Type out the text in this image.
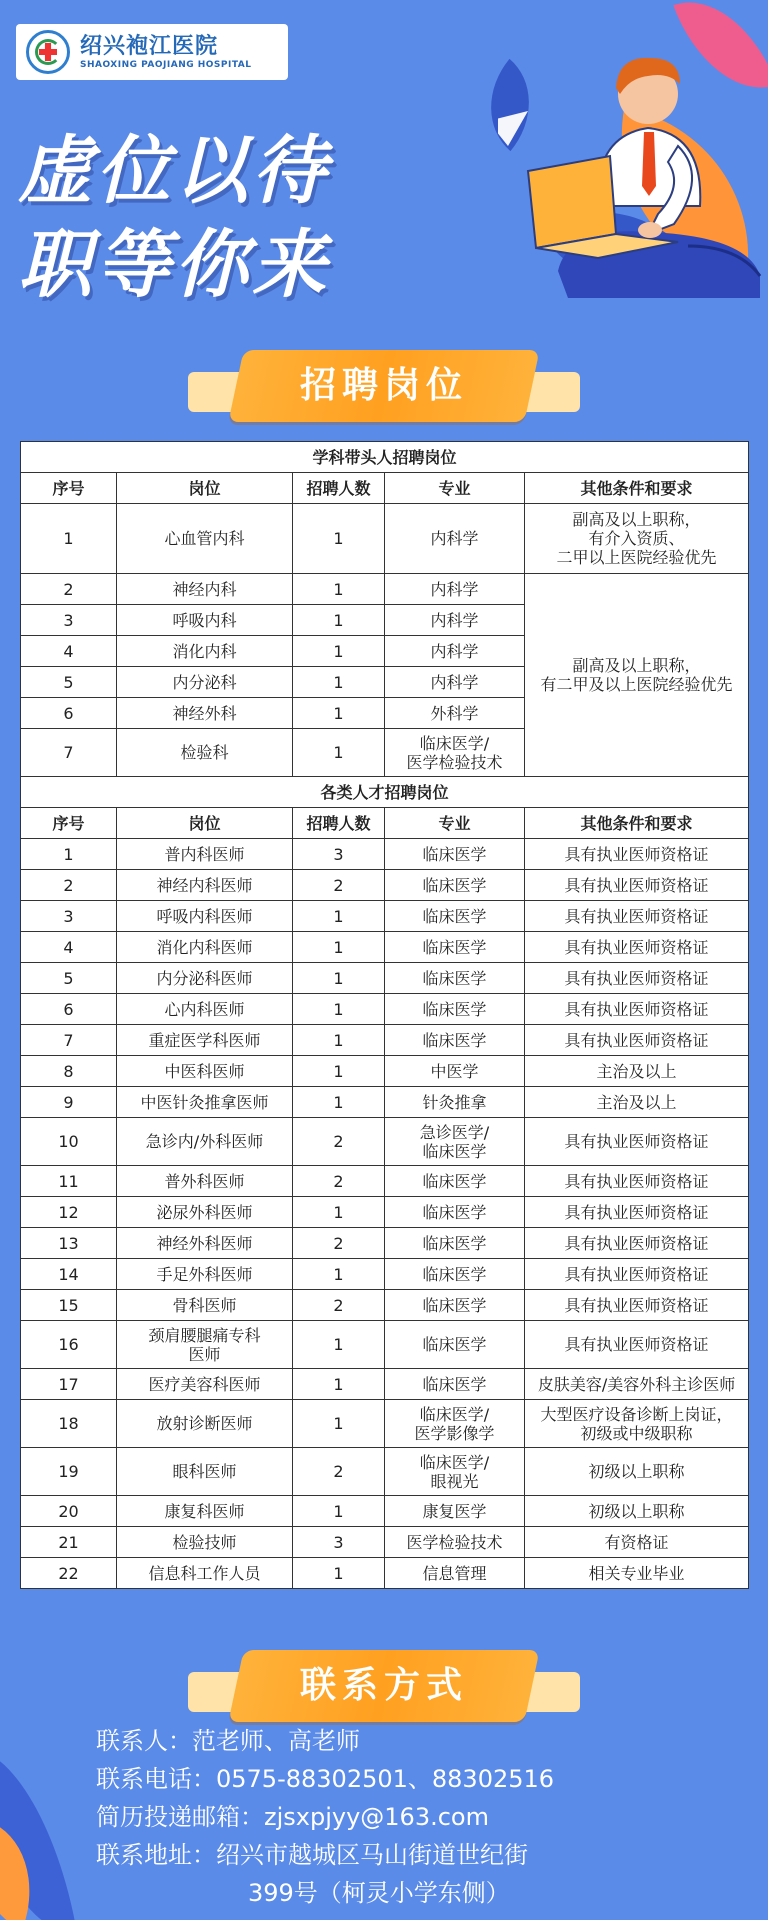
绍兴袍江医院
SHAOXING PAOJIANG HOSPITAL
虚位以待
职等你来
招聘岗位
学科带头人招聘岗位				
序号	岗位	招聘人数	专业	其他条件和要求
1	心血管内科	1	内科学	副高及以上职称，
有介入资质、
二甲以上医院经验优先
2	神经内科	1	内科学	副高及以上职称，
有二甲及以上医院经验优先
3	呼吸内科	1	内科学	
4	消化内科	1	内科学	
5	内分泌科	1	内科学	
6	神经外科	1	外科学	
7	检验科	1	临床医学/
医学检验技术	
各类人才招聘岗位				
序号	岗位	招聘人数	专业	其他条件和要求
1	普内科医师	3	临床医学	具有执业医师资格证
2	神经内科医师	2	临床医学	具有执业医师资格证
3	呼吸内科医师	1	临床医学	具有执业医师资格证
4	消化内科医师	1	临床医学	具有执业医师资格证
5	内分泌科医师	1	临床医学	具有执业医师资格证
6	心内科医师	1	临床医学	具有执业医师资格证
7	重症医学科医师	1	临床医学	具有执业医师资格证
8	中医科医师	1	中医学	主治及以上
9	中医针灸推拿医师	1	针灸推拿	主治及以上
10	急诊内/外科医师	2	急诊医学/
临床医学	具有执业医师资格证
11	普外科医师	2	临床医学	具有执业医师资格证
12	泌尿外科医师	1	临床医学	具有执业医师资格证
13	神经外科医师	2	临床医学	具有执业医师资格证
14	手足外科医师	1	临床医学	具有执业医师资格证
15	骨科医师	2	临床医学	具有执业医师资格证
16	颈肩腰腿痛专科
医师	1	临床医学	具有执业医师资格证
17	医疗美容科医师	1	临床医学	皮肤美容/美容外科主诊医师
18	放射诊断医师	1	临床医学/
医学影像学	大型医疗设备诊断上岗证，
初级或中级职称
19	眼科医师	2	临床医学/
眼视光	初级以上职称
20	康复科医师	1	康复医学	初级以上职称
21	检验技师	3	医学检验技术	有资格证
22	信息科工作人员	1	信息管理	相关专业毕业
联系方式
联系人：范老师、高老师
联系电话：0575-88302501、88302516
简历投递邮箱：zjsxpjyy@163.com
联系地址：绍兴市越城区马山街道世纪街
399号（柯灵小学东侧）
